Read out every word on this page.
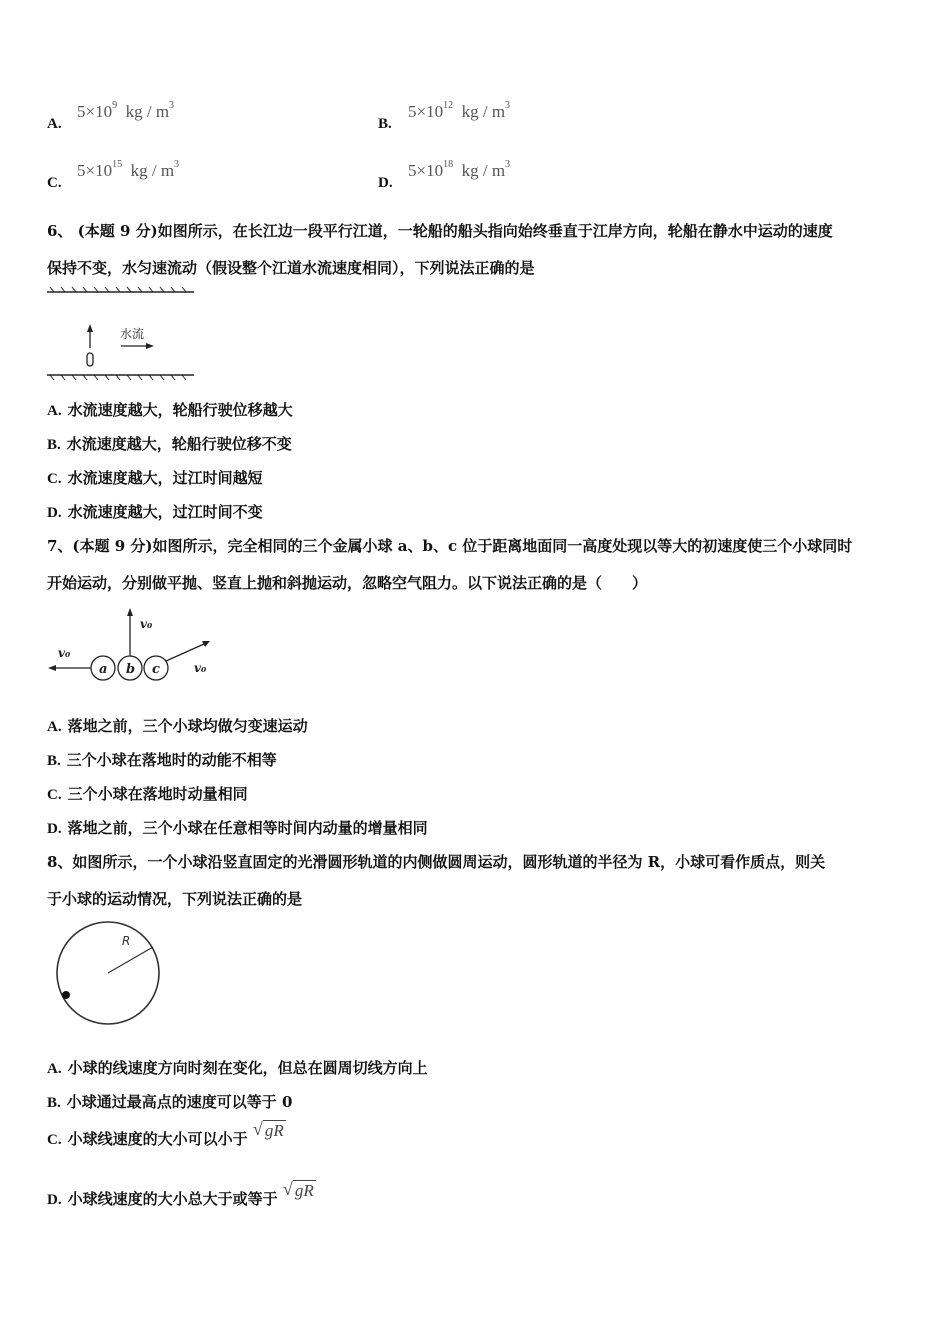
A.
$5\times 10^9$ kg / $m^3$
B.
$5\times 10^{12}$ kg / $m^3$
C.
$5\times 10^{15}$ kg / $m^3$
D.
$5\times 10^{18}$ kg / $m^3$
6、 (本题 9 分)如图所示，在长江边一段平行江道，一轮船的船头指向始终垂直于江岸方向，轮船在静水中运动的速度
保持不变，水匀速流动（假设整个江道水流速度相同），下列说法正确的是
水流
A. 水流速度越大，轮船行驶位移越大
B. 水流速度越大，轮船行驶位移不变
C. 水流速度越大，过江时间越短
D. 水流速度越大，过江时间不变
7、(本题 9 分)如图所示，完全相同的三个金属小球 a、b、c 位于距离地面同一高度处现以等大的初速度使三个小球同时
开始运动，分别做平抛、竖直上抛和斜抛运动，忽略空气阻力。以下说法正确的是（　　）
a b c
v₀
v₀
v₀
A. 落地之前，三个小球均做匀变速运动
B. 三个小球在落地时的动能不相等
C. 三个小球在落地时动量相同
D. 落地之前，三个小球在任意相等时间内动量的增量相同
8、如图所示，一个小球沿竖直固定的光滑圆形轨道的内侧做圆周运动，圆形轨道的半径为 R，小球可看作质点，则关
于小球的运动情况，下列说法正确的是
R
A. 小球的线速度方向时刻在变化，但总在圆周切线方向上
B. 小球通过最高点的速度可以等于 0
C. 小球线速度的大小可以小于 √ gR
D. 小球线速度的大小总大于或等于 √ gR
